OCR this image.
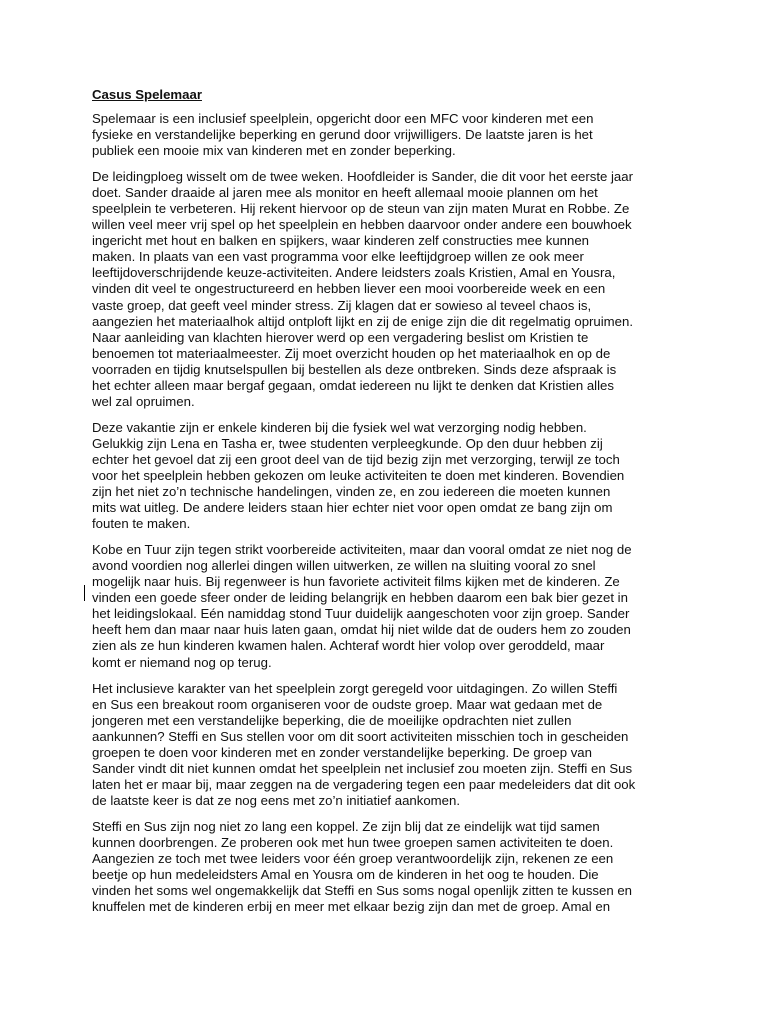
Casus Spelemaar
Spelemaar is een inclusief speelplein, opgericht door een MFC voor kinderen met een
fysieke en verstandelijke beperking en gerund door vrijwilligers. De laatste jaren is het
publiek een mooie mix van kinderen met en zonder beperking.
De leidingploeg wisselt om de twee weken. Hoofdleider is Sander, die dit voor het eerste jaar
doet. Sander draaide al jaren mee als monitor en heeft allemaal mooie plannen om het
speelplein te verbeteren. Hij rekent hiervoor op de steun van zijn maten Murat en Robbe. Ze
willen veel meer vrij spel op het speelplein en hebben daarvoor onder andere een bouwhoek
ingericht met hout en balken en spijkers, waar kinderen zelf constructies mee kunnen
maken. In plaats van een vast programma voor elke leeftijdgroep willen ze ook meer
leeftijdoverschrijdende keuze-activiteiten. Andere leidsters zoals Kristien, Amal en Yousra,
vinden dit veel te ongestructureerd en hebben liever een mooi voorbereide week en een
vaste groep, dat geeft veel minder stress. Zij klagen dat er sowieso al teveel chaos is,
aangezien het materiaalhok altijd ontploft lijkt en zij de enige zijn die dit regelmatig opruimen.
Naar aanleiding van klachten hierover werd op een vergadering beslist om Kristien te
benoemen tot materiaalmeester. Zij moet overzicht houden op het materiaalhok en op de
voorraden en tijdig knutselspullen bij bestellen als deze ontbreken. Sinds deze afspraak is
het echter alleen maar bergaf gegaan, omdat iedereen nu lijkt te denken dat Kristien alles
wel zal opruimen.
Deze vakantie zijn er enkele kinderen bij die fysiek wel wat verzorging nodig hebben.
Gelukkig zijn Lena en Tasha er, twee studenten verpleegkunde. Op den duur hebben zij
echter het gevoel dat zij een groot deel van de tijd bezig zijn met verzorging, terwijl ze toch
voor het speelplein hebben gekozen om leuke activiteiten te doen met kinderen. Bovendien
zijn het niet zo’n technische handelingen, vinden ze, en zou iedereen die moeten kunnen
mits wat uitleg. De andere leiders staan hier echter niet voor open omdat ze bang zijn om
fouten te maken.
Kobe en Tuur zijn tegen strikt voorbereide activiteiten, maar dan vooral omdat ze niet nog de
avond voordien nog allerlei dingen willen uitwerken, ze willen na sluiting vooral zo snel
mogelijk naar huis. Bij regenweer is hun favoriete activiteit films kijken met de kinderen. Ze
vinden een goede sfeer onder de leiding belangrijk en hebben daarom een bak bier gezet in
het leidingslokaal. Eén namiddag stond Tuur duidelijk aangeschoten voor zijn groep. Sander
heeft hem dan maar naar huis laten gaan, omdat hij niet wilde dat de ouders hem zo zouden
zien als ze hun kinderen kwamen halen. Achteraf wordt hier volop over geroddeld, maar
komt er niemand nog op terug.
Het inclusieve karakter van het speelplein zorgt geregeld voor uitdagingen. Zo willen Steffi
en Sus een breakout room organiseren voor de oudste groep. Maar wat gedaan met de
jongeren met een verstandelijke beperking, die de moeilijke opdrachten niet zullen
aankunnen? Steffi en Sus stellen voor om dit soort activiteiten misschien toch in gescheiden
groepen te doen voor kinderen met en zonder verstandelijke beperking. De groep van
Sander vindt dit niet kunnen omdat het speelplein net inclusief zou moeten zijn. Steffi en Sus
laten het er maar bij, maar zeggen na de vergadering tegen een paar medeleiders dat dit ook
de laatste keer is dat ze nog eens met zo’n initiatief aankomen.
Steffi en Sus zijn nog niet zo lang een koppel. Ze zijn blij dat ze eindelijk wat tijd samen
kunnen doorbrengen. Ze proberen ook met hun twee groepen samen activiteiten te doen.
Aangezien ze toch met twee leiders voor één groep verantwoordelijk zijn, rekenen ze een
beetje op hun medeleidsters Amal en Yousra om de kinderen in het oog te houden. Die
vinden het soms wel ongemakkelijk dat Steffi en Sus soms nogal openlijk zitten te kussen en
knuffelen met de kinderen erbij en meer met elkaar bezig zijn dan met de groep. Amal en
